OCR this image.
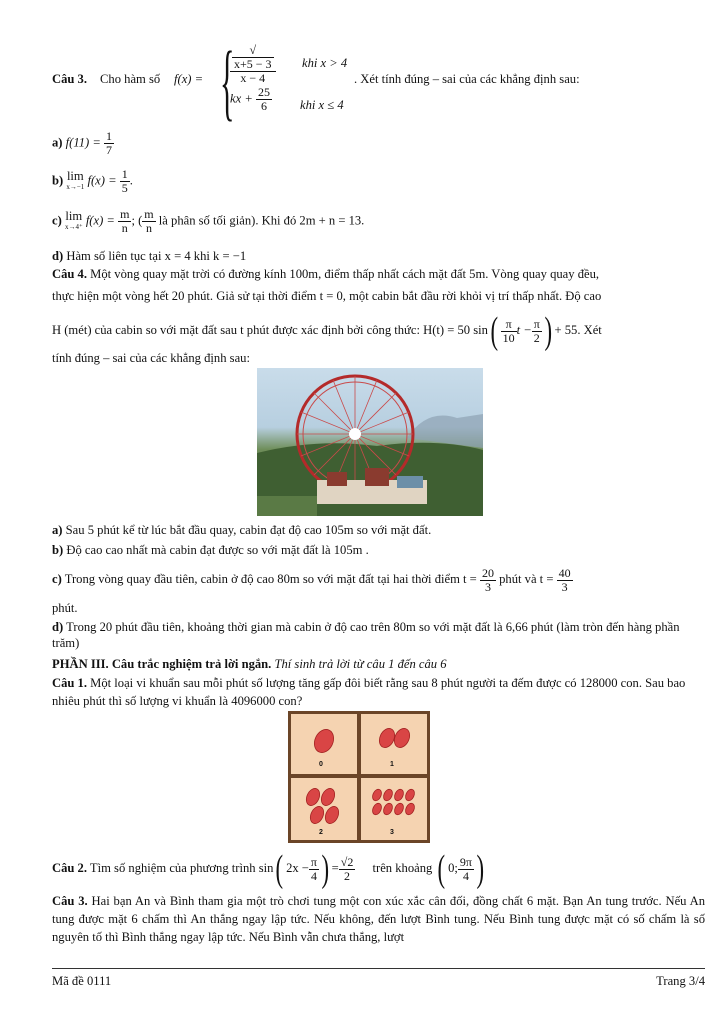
Câu 3. Cho hàm số f(x) = {
√
x+5 − 3
x − 4 khi x > 4
kx + $\frac{25}{6}$ khi x ≤ 4
. Xét tính đúng – sai của các khẳng định sau:
a) $f(11) = \frac{1}{7}$
b) lim
x→−1 $f(x) = \frac{1}{5}$ .
c) lim
x→4⁺ $f(x) = \frac{m}{n}$ ; ( $\frac{m}{n}$ là phân số tối giản). Khi đó 2m + n = 13.
d) Hàm số liên tục tại x = 4 khi k = −1
Câu 4. Một vòng quay mặt trời có đường kính 100m, điểm thấp nhất cách mặt đất 5m. Vòng quay quay đều,
thực hiện một vòng hết 20 phút. Giả sử tại thời điểm t = 0, một cabin bắt đầu rời khỏi vị trí thấp nhất. Độ cao
H (mét) của cabin so với mặt đất sau t phút được xác định bởi công thức: H(t) = 50 $\sin( \frac{\pi}{10}$ $t - \frac{\pi}{2}$ ) + 55. Xét
tính đúng – sai của các khẳng định sau:
a) Sau 5 phút kể từ lúc bắt đầu quay, cabin đạt độ cao 105m so với mặt đất.
b) Độ cao cao nhất mà cabin đạt được so với mặt đất là 105m .
c) Trong vòng quay đầu tiên, cabin ở độ cao 80m so với mặt đất tại hai thời điểm $t = \frac{20}{3}$ phút và $t = \frac{40}{3}$
phút.
d) Trong 20 phút đầu tiên, khoảng thời gian mà cabin ở độ cao trên 80m so với mặt đất là 6,66 phút (làm tròn đến hàng phần trăm)
PHẦN III. Câu trắc nghiệm trả lời ngắn. Thí sinh trả lời từ câu 1 đến câu 6
Câu 1. Một loại vi khuẩn sau mỗi phút số lượng tăng gấp đôi biết rằng sau 8 phút người ta đếm được có 128000 con. Sau bao nhiêu phút thì số lượng vi khuẩn là 4096000 con?
0	1
2	3
Câu 2. Tìm số nghiệm của phương trình sin( $2x - \frac{\pi}{4}$ ) = $\frac{√2}{2}$ trên khoảng ( 0; $\frac{9\pi}{4}$ )
Câu 3. Hai bạn An và Bình tham gia một trò chơi tung một con xúc xắc cân đối, đồng chất 6 mặt. Bạn An tung trước. Nếu An tung được mặt 6 chấm thì An thắng ngay lập tức. Nếu không, đến lượt Bình tung. Nếu Bình tung được mặt có số chấm là số nguyên tố thì Bình thắng ngay lập tức. Nếu Bình vẫn chưa thắng, lượt
Mã đề 0111	Trang 3/4
